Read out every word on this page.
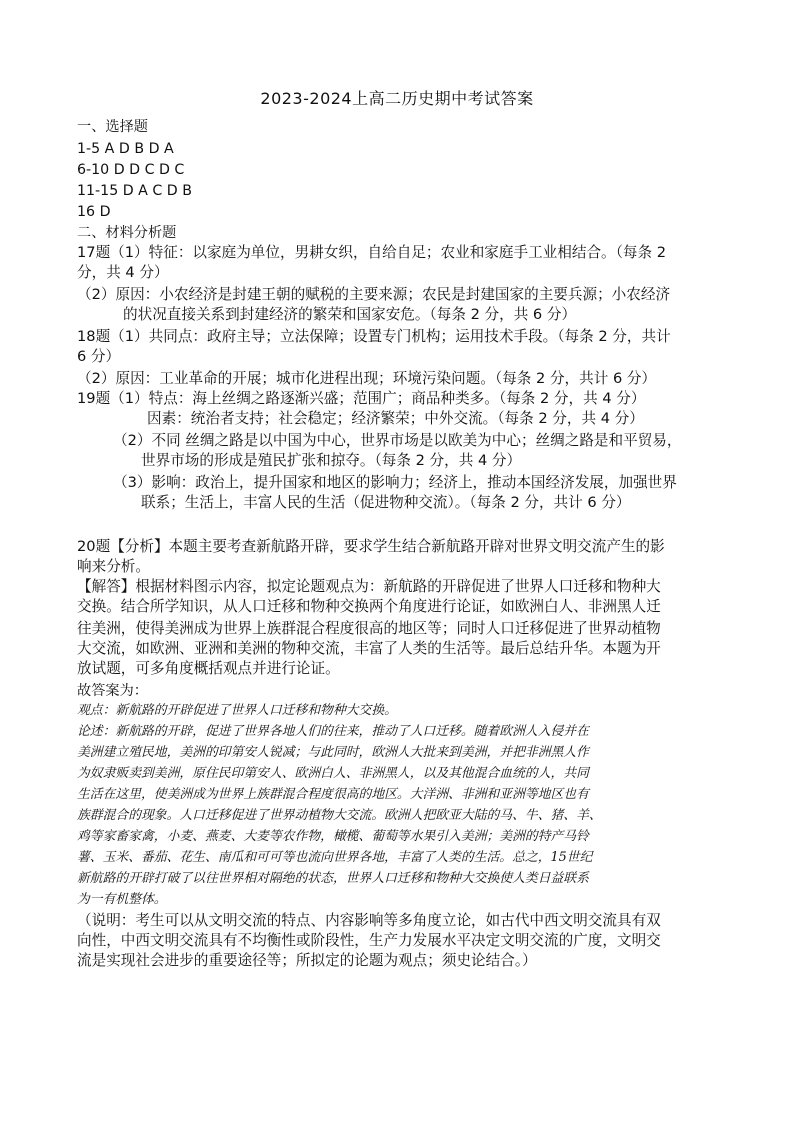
2023-2024上高二历史期中考试答案
一、选择题
1-5 A D B D A
6-10 D D C D C
11-15 D A C D B
16 D
二、材料分析题
17题（1）特征：以家庭为单位，男耕女织，自给自足；农业和家庭手工业相结合。（每条 2
分，共 4 分）
（2）原因：小农经济是封建王朝的赋税的主要来源；农民是封建国家的主要兵源；小农经济
的状况直接关系到封建经济的繁荣和国家安危。（每条 2 分，共 6 分）
18题（1）共同点：政府主导；立法保障；设置专门机构；运用技术手段。（每条 2 分，共计
6 分）
（2）原因：工业革命的开展；城市化进程出现；环境污染问题。（每条 2 分，共计 6 分）
19题（1）特点：海上丝绸之路逐渐兴盛；范围广；商品种类多。（每条 2 分，共 4 分）
因素：统治者支持；社会稳定；经济繁荣；中外交流。（每条 2 分，共 4 分）
（2）不同 丝绸之路是以中国为中心，世界市场是以欧美为中心；丝绸之路是和平贸易，
世界市场的形成是殖民扩张和掠夺。（每条 2 分，共 4 分）
（3）影响：政治上，提升国家和地区的影响力；经济上，推动本国经济发展，加强世界
联系；生活上，丰富人民的生活（促进物种交流）。（每条 2 分，共计 6 分）
20题【分析】本题主要考查新航路开辟，要求学生结合新航路开辟对世界文明交流产生的影
响来分析。
【解答】根据材料图示内容，拟定论题观点为：新航路的开辟促进了世界人口迁移和物种大
交换。结合所学知识，从人口迁移和物种交换两个角度进行论证，如欧洲白人、非洲黑人迁
往美洲，使得美洲成为世界上族群混合程度很高的地区等；同时人口迁移促进了世界动植物
大交流，如欧洲、亚洲和美洲的物种交流，丰富了人类的生活等。最后总结升华。本题为开
放试题，可多角度概括观点并进行论证。
故答案为：
观点：新航路的开辟促进了世界人口迁移和物种大交换。
论述：新航路的开辟，促进了世界各地人们的往来，推动了人口迁移。随着欧洲人入侵并在
美洲建立殖民地，美洲的印第安人锐减；与此同时，欧洲人大批来到美洲，并把非洲黑人作
为奴隶贩卖到美洲，原住民印第安人、欧洲白人、非洲黑人，以及其他混合血统的人，共同
生活在这里，使美洲成为世界上族群混合程度很高的地区。大洋洲、非洲和亚洲等地区也有
族群混合的现象。人口迁移促进了世界动植物大交流。欧洲人把欧亚大陆的马、牛、猪、羊、
鸡等家畜家禽，小麦、燕麦、大麦等农作物，橄榄、葡萄等水果引入美洲；美洲的特产马铃
薯、玉米、番茄、花生、南瓜和可可等也流向世界各地，丰富了人类的生活。总之，15世纪
新航路的开辟打破了以往世界相对隔绝的状态，世界人口迁移和物种大交换使人类日益联系
为一有机整体。
（说明：考生可以从文明交流的特点、内容影响等多角度立论，如古代中西文明交流具有双
向性，中西文明交流具有不均衡性或阶段性，生产力发展水平决定文明交流的广度，文明交
流是实现社会进步的重要途径等；所拟定的论题为观点；须史论结合。）
